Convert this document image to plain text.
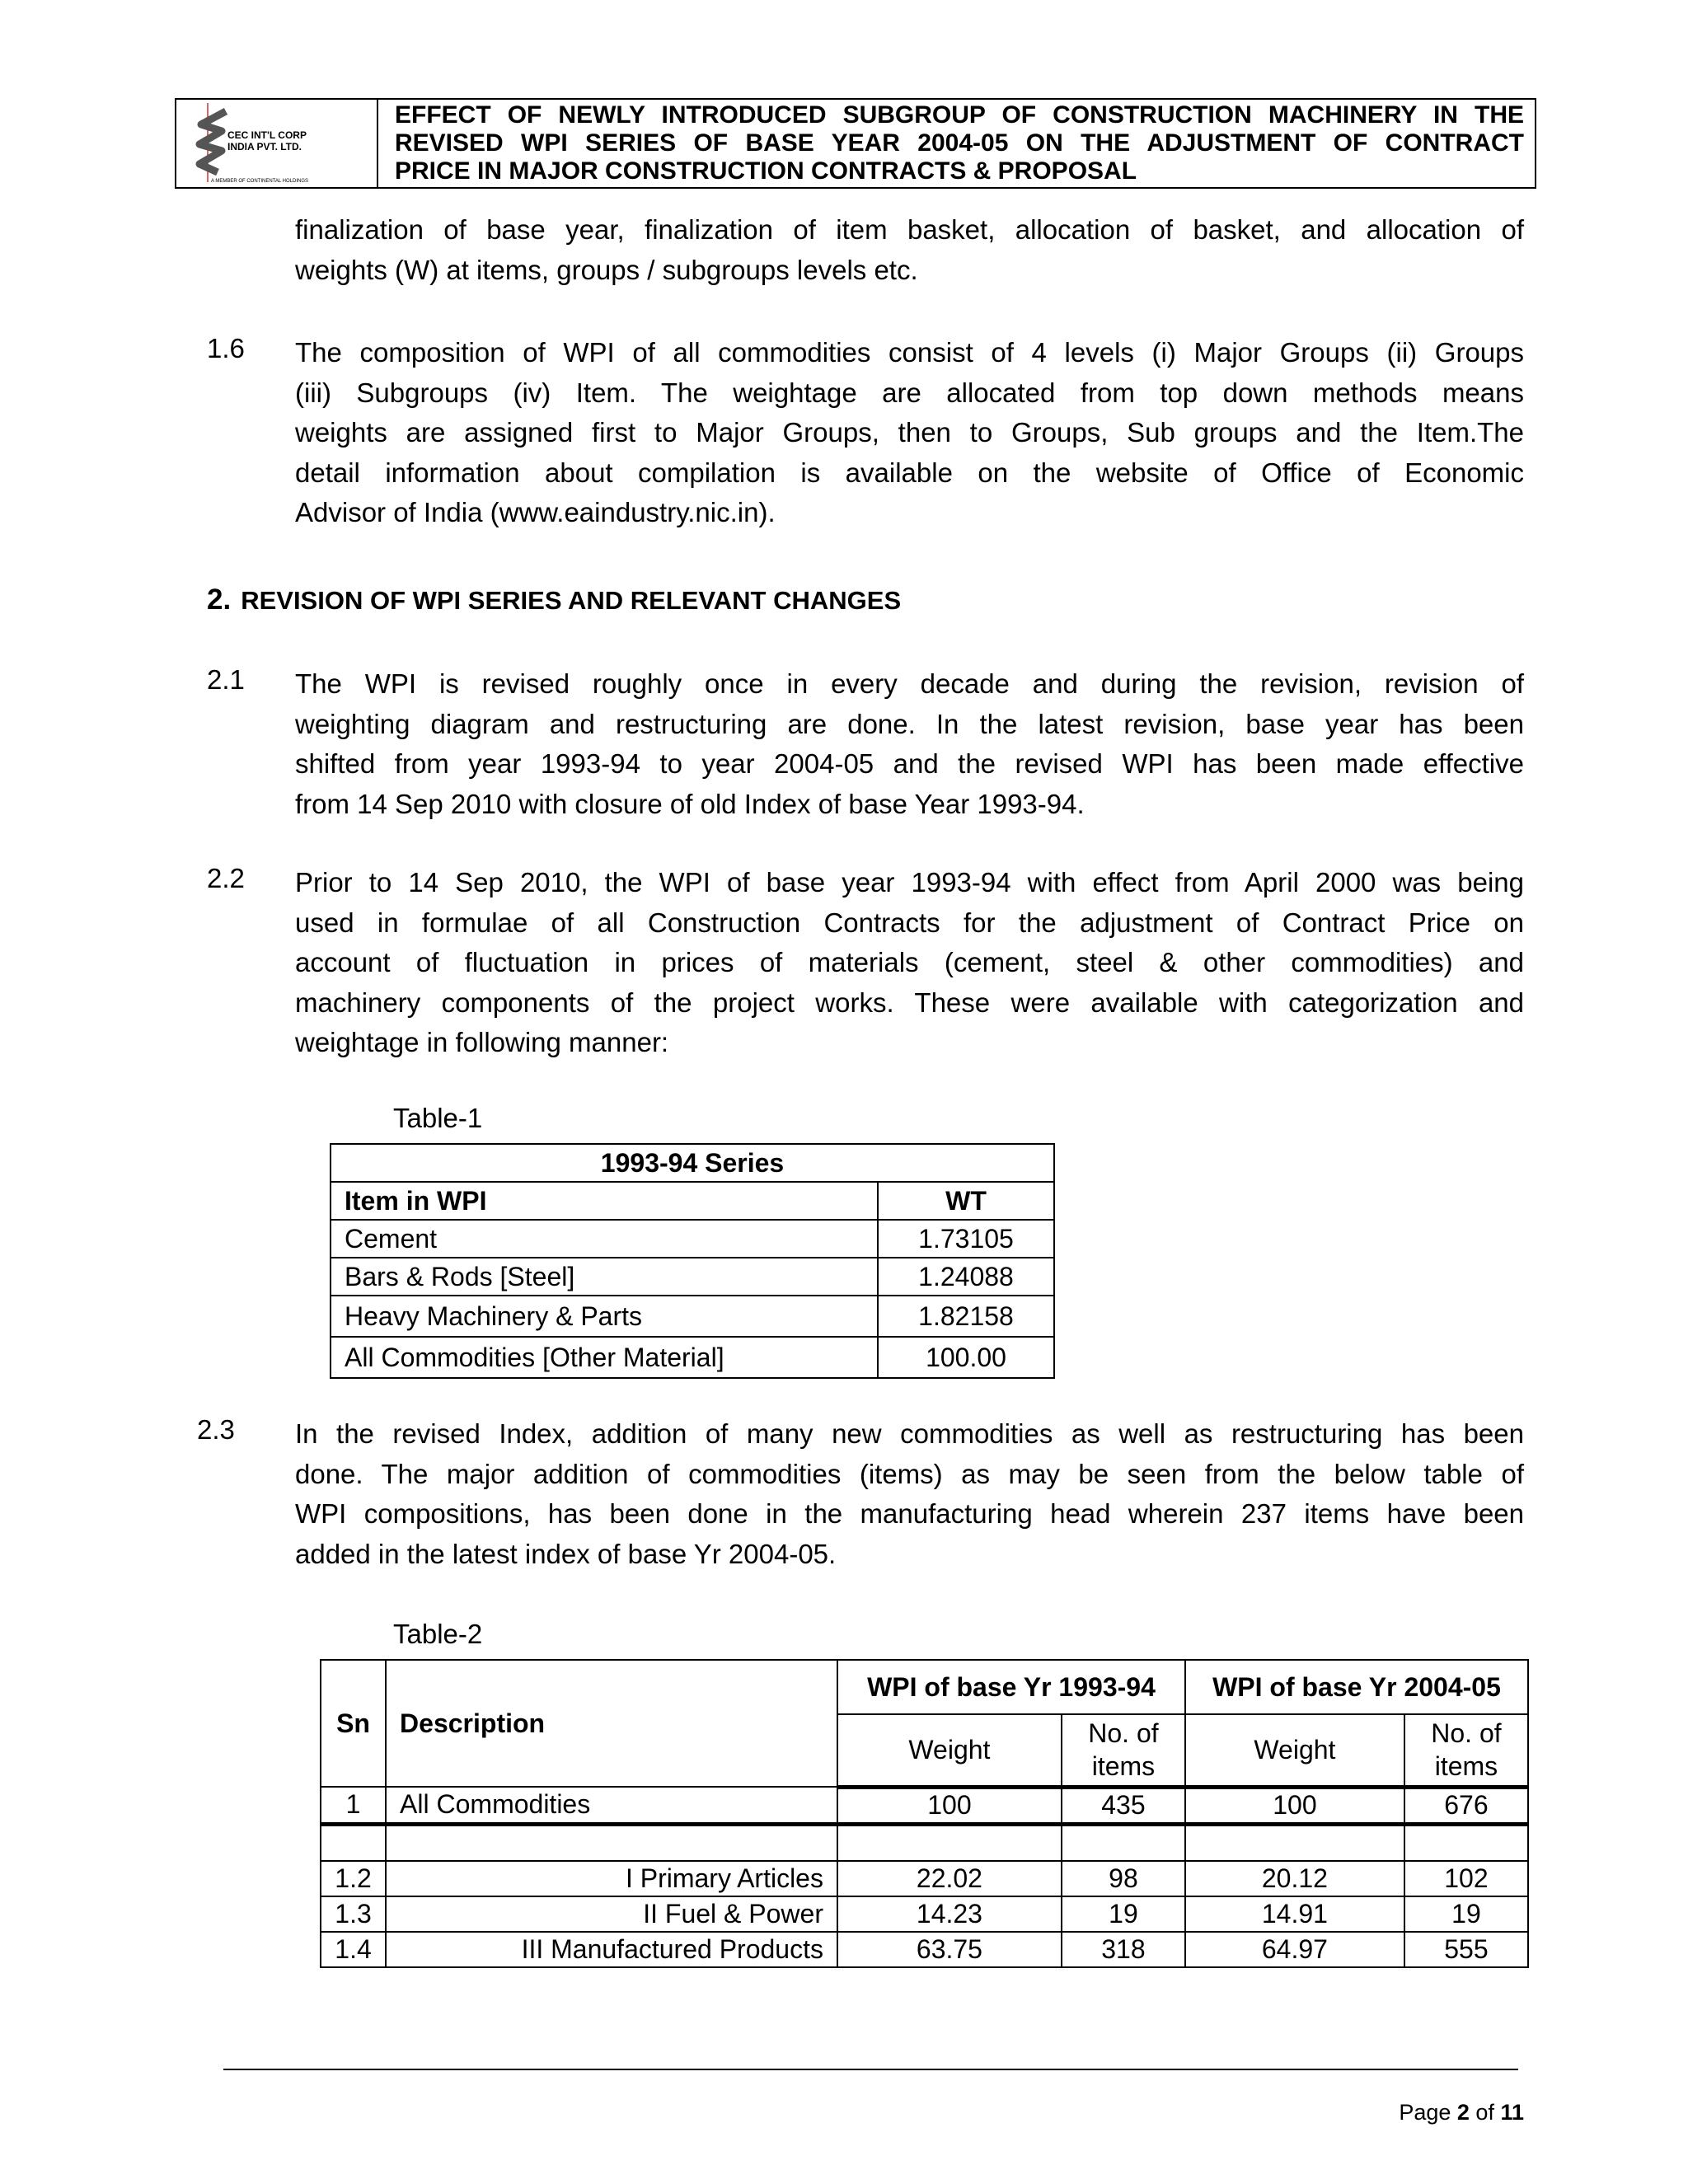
CEC INT'L CORP
INDIA PVT. LTD.
A MEMBER OF CONTINENTAL HOLDINGS
EFFECT OF NEWLY INTRODUCED SUBGROUP OF CONSTRUCTION MACHINERY IN THE
REVISED WPI SERIES OF BASE YEAR 2004-05 ON THE ADJUSTMENT OF CONTRACT
PRICE IN MAJOR CONSTRUCTION CONTRACTS & PROPOSAL
finalization of base year, finalization of item basket, allocation of basket, and allocation of
weights (W) at items, groups / subgroups levels etc.
1.6 The composition of WPI of all commodities consist of 4 levels (i) Major Groups (ii) Groups
(iii) Subgroups (iv) Item. The weightage are allocated from top down methods means
weights are assigned first to Major Groups, then to Groups, Sub groups and the Item.The
detail information about compilation is available on the website of Office of Economic
Advisor of India (www.eaindustry.nic.in).
2. REVISION OF WPI SERIES AND RELEVANT CHANGES
2.1 The WPI is revised roughly once in every decade and during the revision, revision of
weighting diagram and restructuring are done. In the latest revision, base year has been
shifted from year 1993-94 to year 2004-05 and the revised WPI has been made effective
from 14 Sep 2010 with closure of old Index of base Year 1993-94.
2.2 Prior to 14 Sep 2010, the WPI of base year 1993-94 with effect from April 2000 was being
used in formulae of all Construction Contracts for the adjustment of Contract Price on
account of fluctuation in prices of materials (cement, steel & other commodities) and
machinery components of the project works. These were available with categorization and
weightage in following manner:
Table-1
1993-94 Series	
Item in WPI	WT
Cement	1.73105
Bars & Rods [Steel]	1.24088
Heavy Machinery & Parts	1.82158
All Commodities [Other Material]	100.00
2.3 In the revised Index, addition of many new commodities as well as restructuring has been
done. The major addition of commodities (items) as may be seen from the below table of
WPI compositions, has been done in the manufacturing head wherein 237 items have been
added in the latest index of base Yr 2004-05.
Table-2
Sn	Description	WPI of base Yr 1993-94		WPI of base Yr 2004-05	
		Weight	No. of items	Weight	No. of items
1	All Commodities	100	435	100	676

1.2	I Primary Articles	22.02	98	20.12	102
1.3	II Fuel & Power	14.23	19	14.91	19
1.4	III Manufactured Products	63.75	318	64.97	555
Page 2 of 11
